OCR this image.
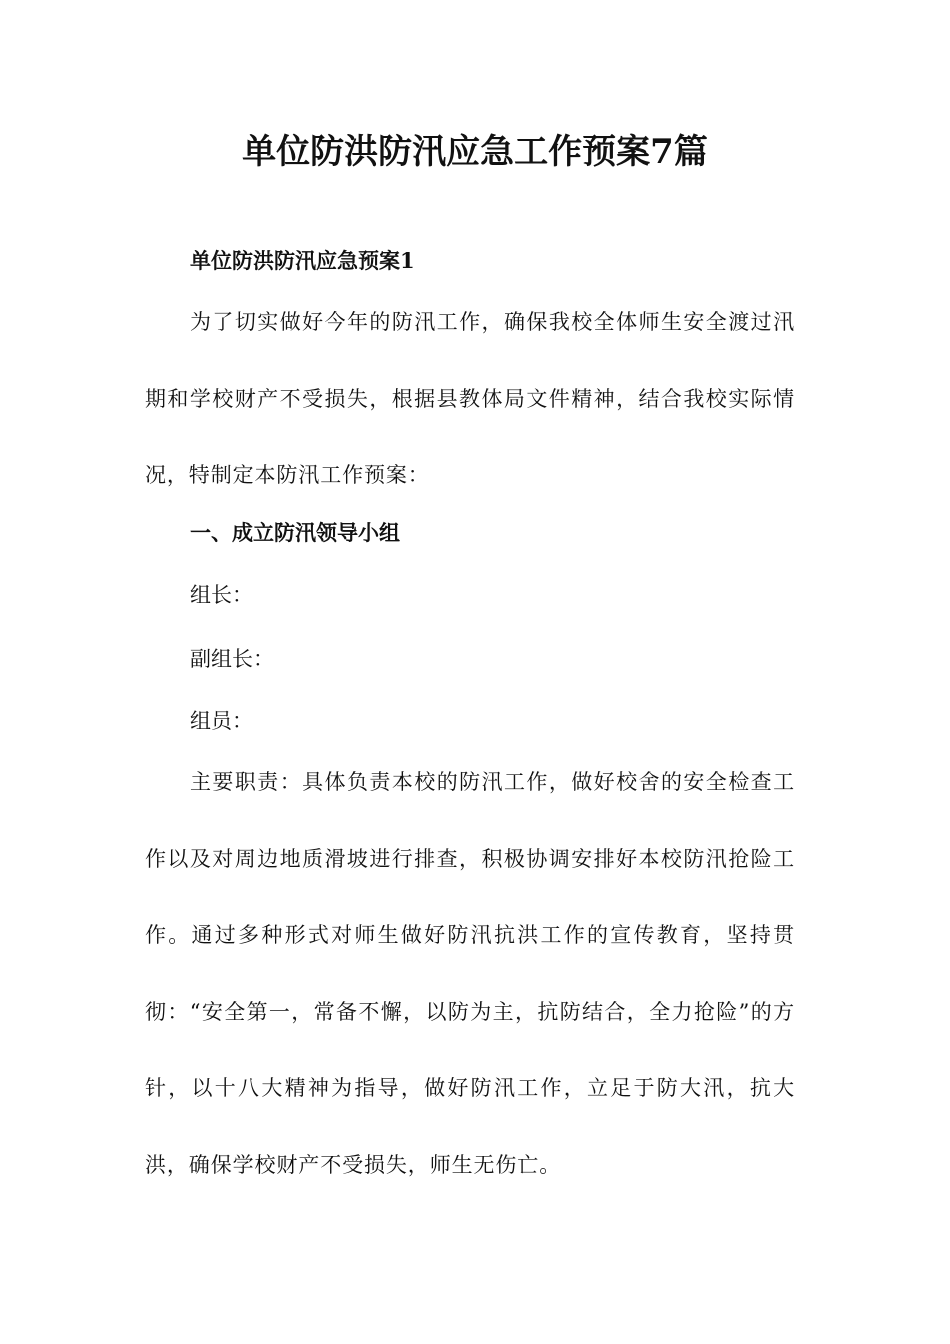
单位防洪防汛应急工作预案7篇
单位防洪防汛应急预案1

为了切实做好今年的防汛工作，确保我校全体师生安全渡过汛期和学校财产不受损失，根据县教体局文件精神，结合我校实际情况，特制定本防汛工作预案：

一、成立防汛领导小组
组长：
副组长：
组员：

主要职责：具体负责本校的防汛工作，做好校舍的安全检查工作以及对周边地质滑坡进行排查，积极协调安排好本校防汛抢险工作。通过多种形式对师生做好防汛抗洪工作的宣传教育，坚持贯彻：“安全第一，常备不懈，以防为主，抗防结合，全力抢险”的方针，以十八大精神为指导，做好防汛工作，立足于防大汛，抗大洪，确保学校财产不受损失，师生无伤亡。
